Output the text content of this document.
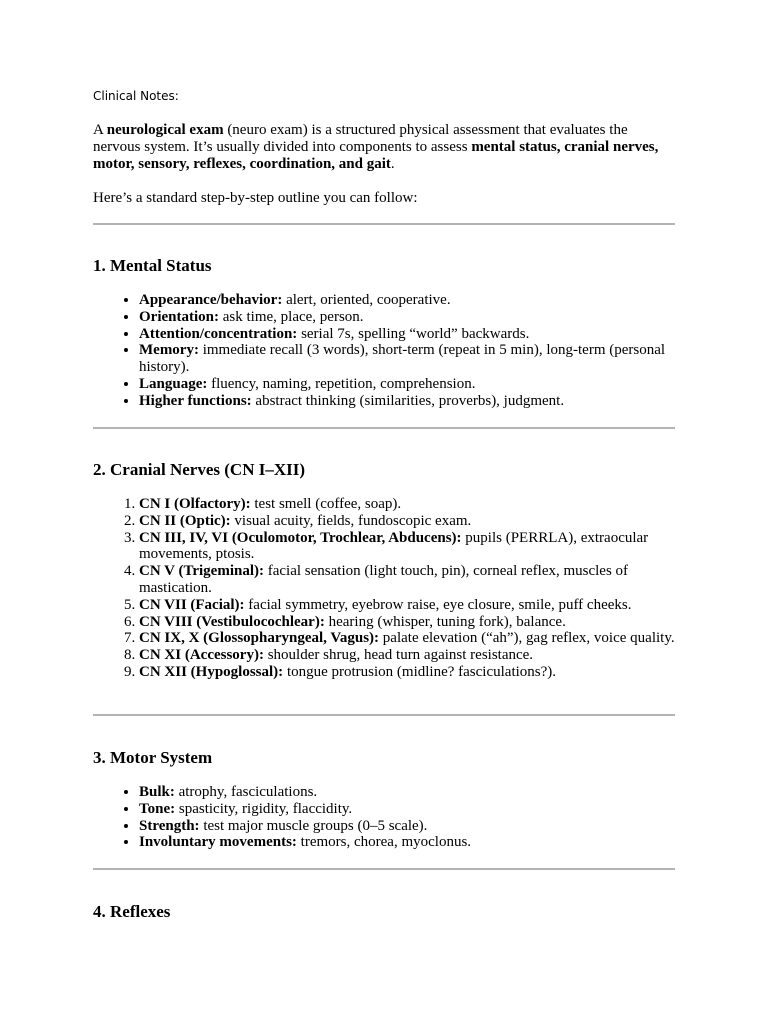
Clinical Notes:

A neurological exam (neuro exam) is a structured physical assessment that evaluates the nervous system. It’s usually divided into components to assess mental status, cranial nerves, motor, sensory, reflexes, coordination, and gait.

Here’s a standard step-by-step outline you can follow:

1. Mental Status
• Appearance/behavior: alert, oriented, cooperative.
• Orientation: ask time, place, person.
• Attention/concentration: serial 7s, spelling “world” backwards.
• Memory: immediate recall (3 words), short-term (repeat in 5 min), long-term (personal history).
• Language: fluency, naming, repetition, comprehension.
• Higher functions: abstract thinking (similarities, proverbs), judgment.
2. Cranial Nerves (CN I–XII)
1. CN I (Olfactory): test smell (coffee, soap).
2. CN II (Optic): visual acuity, fields, fundoscopic exam.
3. CN III, IV, VI (Oculomotor, Trochlear, Abducens): pupils (PERRLA), extraocular movements, ptosis.
4. CN V (Trigeminal): facial sensation (light touch, pin), corneal reflex, muscles of mastication.
5. CN VII (Facial): facial symmetry, eyebrow raise, eye closure, smile, puff cheeks.
6. CN VIII (Vestibulocochlear): hearing (whisper, tuning fork), balance.
7. CN IX, X (Glossopharyngeal, Vagus): palate elevation (“ah”), gag reflex, voice quality.
8. CN XI (Accessory): shoulder shrug, head turn against resistance.
9. CN XII (Hypoglossal): tongue protrusion (midline? fasciculations?).
3. Motor System
• Bulk: atrophy, fasciculations.
• Tone: spasticity, rigidity, flaccidity.
• Strength: test major muscle groups (0–5 scale).
• Involuntary movements: tremors, chorea, myoclonus.
4. Reflexes
